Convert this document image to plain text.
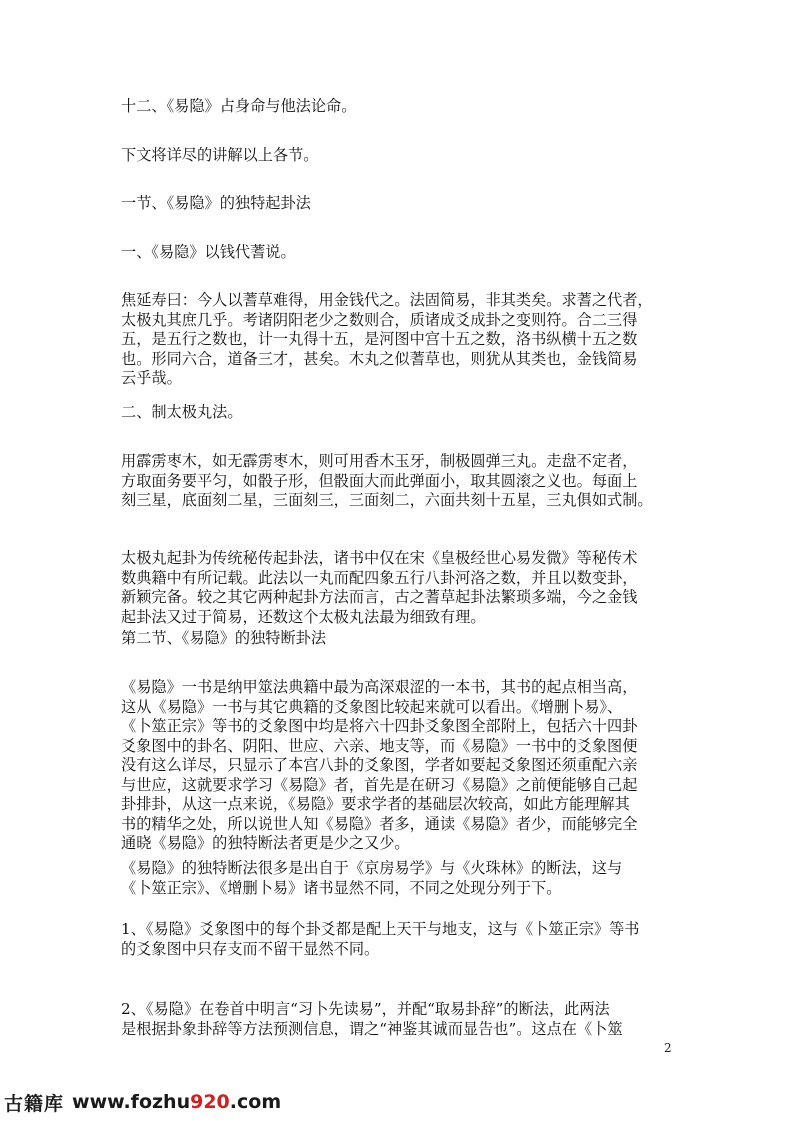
十二、《易隐》占身命与他法论命。
下文将详尽的讲解以上各节。
一节、《易隐》的独特起卦法
一、《易隐》以钱代蓍说。
焦延寿曰：今人以蓍草难得，用金钱代之。法固简易，非其类矣。求蓍之代者，
太极丸其庶几乎。考诸阴阳老少之数则合，质诸成爻成卦之变则符。合二三得
五，是五行之数也，计一丸得十五，是河图中宫十五之数，洛书纵横十五之数
也。形同六合，道备三才，甚矣。木丸之似蓍草也，则犹从其类也，金钱简易
云乎哉。
二、制太极丸法。
用霹雳枣木，如无霹雳枣木，则可用香木玉牙，制极圆弹三丸。走盘不定者，
方取面务要平匀，如骰子形，但骰面大而此弹面小，取其圆滚之义也。每面上
刻三星，底面刻二星，三面刻三，三面刻二，六面共刻十五星，三丸俱如式制。
太极丸起卦为传统秘传起卦法，诸书中仅在宋《皇极经世心易发微》等秘传术
数典籍中有所记载。此法以一丸而配四象五行八卦河洛之数，并且以数变卦，
新颖完备。较之其它两种起卦方法而言，古之蓍草起卦法繁琐多端，今之金钱
起卦法又过于简易，还数这个太极丸法最为细致有理。
第二节、《易隐》的独特断卦法
《易隐》一书是纳甲筮法典籍中最为高深艰涩的一本书，其书的起点相当高，
这从《易隐》一书与其它典籍的爻象图比较起来就可以看出。《增删卜易》、
《卜筮正宗》等书的爻象图中均是将六十四卦爻象图全部附上，包括六十四卦
爻象图中的卦名、阴阳、世应、六亲、地支等，而《易隐》一书中的爻象图便
没有这么详尽，只显示了本宫八卦的爻象图，学者如要起爻象图还须重配六亲
与世应，这就要求学习《易隐》者，首先是在研习《易隐》之前便能够自己起
卦排卦，从这一点来说，《易隐》要求学者的基础层次较高，如此方能理解其
书的精华之处，所以说世人知《易隐》者多，通读《易隐》者少，而能够完全
通晓《易隐》的独特断法者更是少之又少。
《易隐》的独特断法很多是出自于《京房易学》与《火珠林》的断法，这与
《卜筮正宗》、《增删卜易》诸书显然不同，不同之处现分列于下。
1、《易隐》爻象图中的每个卦爻都是配上天干与地支，这与《卜筮正宗》等书
的爻象图中只存支而不留干显然不同。
2、《易隐》在卷首中明言“习卜先读易”，并配“取易卦辞”的断法，此两法
是根据卦象卦辞等方法预测信息，谓之“神鉴其诚而显告也”。这点在《卜筮
2
古籍库 www.fozhu920.com
